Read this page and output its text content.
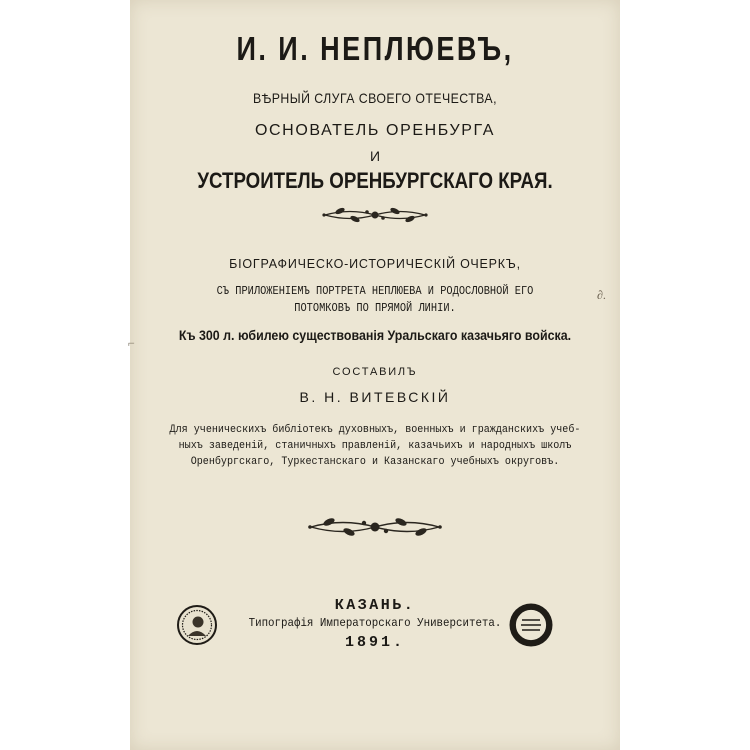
И. И. НЕПЛЮЕВЪ,
ВѢРНЫЙ СЛУГА СВОЕГО ОТЕЧЕСТВА,
ОСНОВАТЕЛЬ ОРЕНБУРГА
И
УСТРОИТЕЛЬ ОРЕНБУРГСКАГО КРАЯ.
БІОГРАФИЧЕСКО-ИСТОРИЧЕСКІЙ ОЧЕРКЪ,
СЪ ПРИЛОЖЕНІЕМЪ ПОРТРЕТА НЕПЛЮЕВА И РОДОСЛОВНОЙ ЕГО
ПОТОМКОВЪ ПО ПРЯМОЙ ЛИНІИ.
Къ 300 л. юбилею существованія Уральскаго казачьяго войска.
СОСТАВИЛЪ
В. Н. ВИТЕВСКІЙ
Для ученическихъ библіотекъ духовныхъ, военныхъ и гражданскихъ учеб-
ныхъ заведеній, станичныхъ правленій, казачьихъ и народныхъ школъ
Оренбургскаго, Туркестанскаго и Казанскаго учебныхъ округовъ.
КАЗАНЬ.
Типографія Императорскаго Университета.
1891.
∂.
⌐
